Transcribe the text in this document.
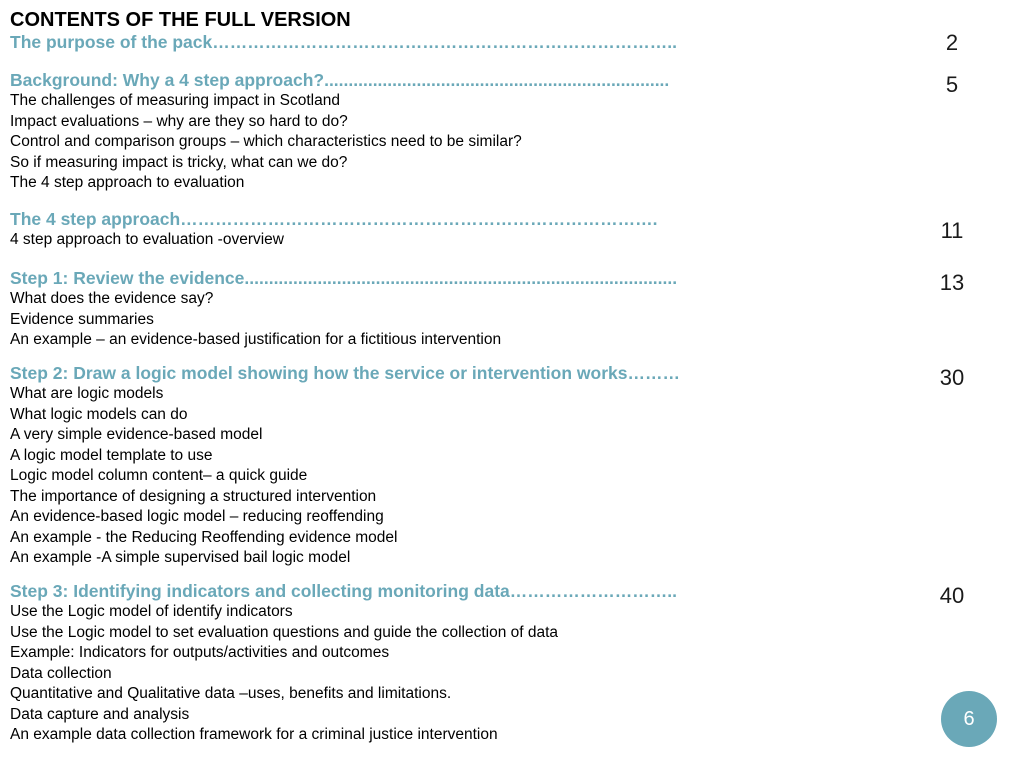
CONTENTS OF THE FULL VERSION
The purpose of the pack……………………………………………………………………..	2
Background: Why a 4 step approach?.......................................................................
The challenges of measuring impact in Scotland
Impact evaluations – why are they so hard to do?
Control and comparison groups – which characteristics need to be similar?
So if measuring impact is tricky, what can we do?
The 4 step approach to evaluation
5
The 4 step approach……………………………………………………………………….
4 step approach to evaluation -overview	11
Step 1: Review the evidence.........................................................................................
What does the evidence say?
Evidence summaries
An example – an evidence-based justification for a fictitious intervention
13
Step 2: Draw a logic model showing how the service or intervention works………
What are logic models
What logic models can do
A very simple evidence-based model
A logic model template to use
Logic model column content– a quick guide
The importance of designing a structured intervention
An evidence-based logic model – reducing reoffending
An example - the Reducing Reoffending evidence model
An example -A simple supervised bail logic model
30
Step 3: Identifying indicators and collecting monitoring data………………………..
Use the Logic model of identify indicators
Use the Logic model to set evaluation questions and guide the collection of data
Example: Indicators for outputs/activities and outcomes
Data collection
Quantitative and Qualitative data –uses, benefits and limitations.
Data capture and analysis
An example data collection framework for a criminal justice intervention
40
6
